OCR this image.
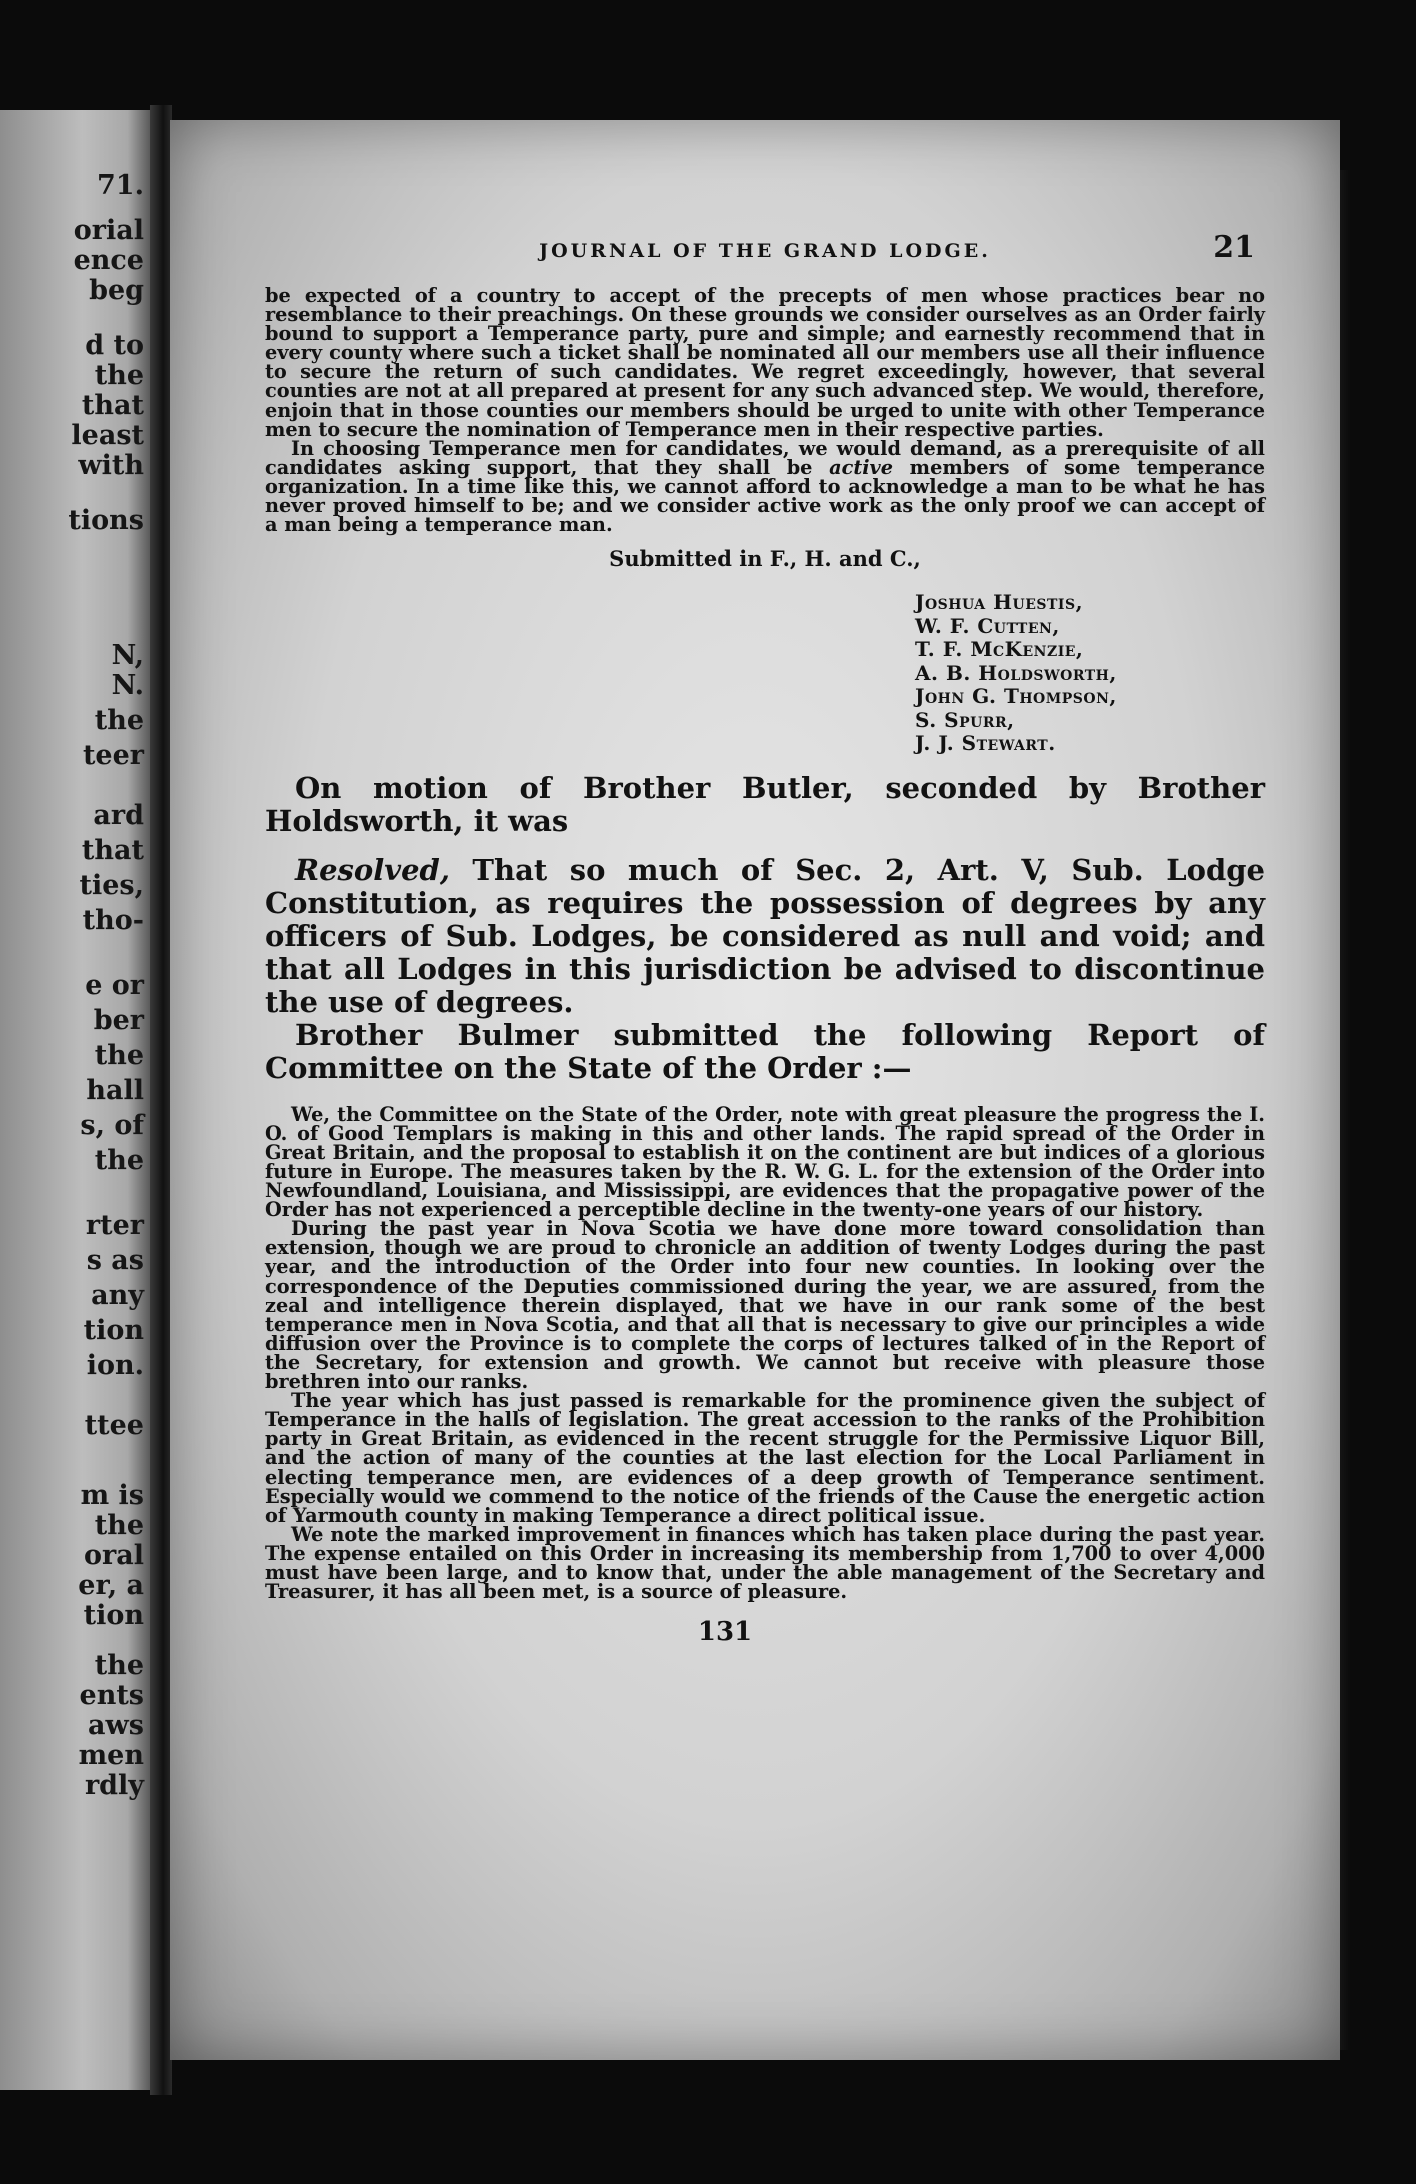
71.
orial
ence
beg
d to
the
that
least
with
tions
N,
N.
the
teer
ard
that
ties,
tho-
e or
ber
the
hall
s, of
the
rter
s as
any
tion
ion.
ttee
m is
the
oral
er, a
tion
the
ents
aws
men
rdly
JOURNAL OF THE GRAND LODGE.	21

be expected of a country to accept of the precepts of men whose practices bear no resemblance to their preachings. On these grounds we consider ourselves as an Order fairly bound to support a Temperance party, pure and simple; and earnestly recommend that in every county where such a ticket shall be nominated all our members use all their influence to secure the return of such candidates. We regret exceedingly, however, that several counties are not at all prepared at present for any such advanced step. We would, therefore, enjoin that in those counties our members should be urged to unite with other Temperance men to secure the nomination of Temperance men in their respective parties.

In choosing Temperance men for candidates, we would demand, as a prerequisite of all candidates asking support, that they shall be active members of some temperance organization. In a time like this, we cannot afford to acknowledge a man to be what he has never proved himself to be; and we consider active work as the only proof we can accept of a man being a temperance man.

Submitted in F., H. and C.,
Joshua Huestis,
W. F. Cutten,
T. F. McKenzie,
A. B. Holdsworth,
John G. Thompson,
S. Spurr,
J. J. Stewart.

On motion of Brother Butler, seconded by Brother Holdsworth, it was

Resolved, That so much of Sec. 2, Art. V, Sub. Lodge Constitution, as requires the possession of degrees by any officers of Sub. Lodges, be considered as null and void; and that all Lodges in this jurisdiction be advised to discontinue the use of degrees.

Brother Bulmer submitted the following Report of Committee on the State of the Order :—

We, the Committee on the State of the Order, note with great pleasure the progress the I. O. of Good Templars is making in this and other lands. The rapid spread of the Order in Great Britain, and the proposal to establish it on the continent are but indices of a glorious future in Europe. The measures taken by the R. W. G. L. for the extension of the Order into Newfoundland, Louisiana, and Mississippi, are evidences that the propagative power of the Order has not experienced a perceptible decline in the twenty-one years of our history.

During the past year in Nova Scotia we have done more toward consolidation than extension, though we are proud to chronicle an addition of twenty Lodges during the past year, and the introduction of the Order into four new counties. In looking over the correspondence of the Deputies commissioned during the year, we are assured, from the zeal and intelligence therein displayed, that we have in our rank some of the best temperance men in Nova Scotia, and that all that is necessary to give our principles a wide diffusion over the Province is to complete the corps of lectures talked of in the Report of the Secretary, for extension and growth. We cannot but receive with pleasure those brethren into our ranks.

The year which has just passed is remarkable for the prominence given the subject of Temperance in the halls of legislation. The great accession to the ranks of the Prohibition party in Great Britain, as evidenced in the recent struggle for the Permissive Liquor Bill, and the action of many of the counties at the last election for the Local Parliament in electing temperance men, are evidences of a deep growth of Temperance sentiment. Especially would we commend to the notice of the friends of the Cause the energetic action of Yarmouth county in making Temperance a direct political issue.

We note the marked improvement in finances which has taken place during the past year. The expense entailed on this Order in increasing its membership from 1,700 to over 4,000 must have been large, and to know that, under the able management of the Secretary and Treasurer, it has all been met, is a source of pleasure.

131
